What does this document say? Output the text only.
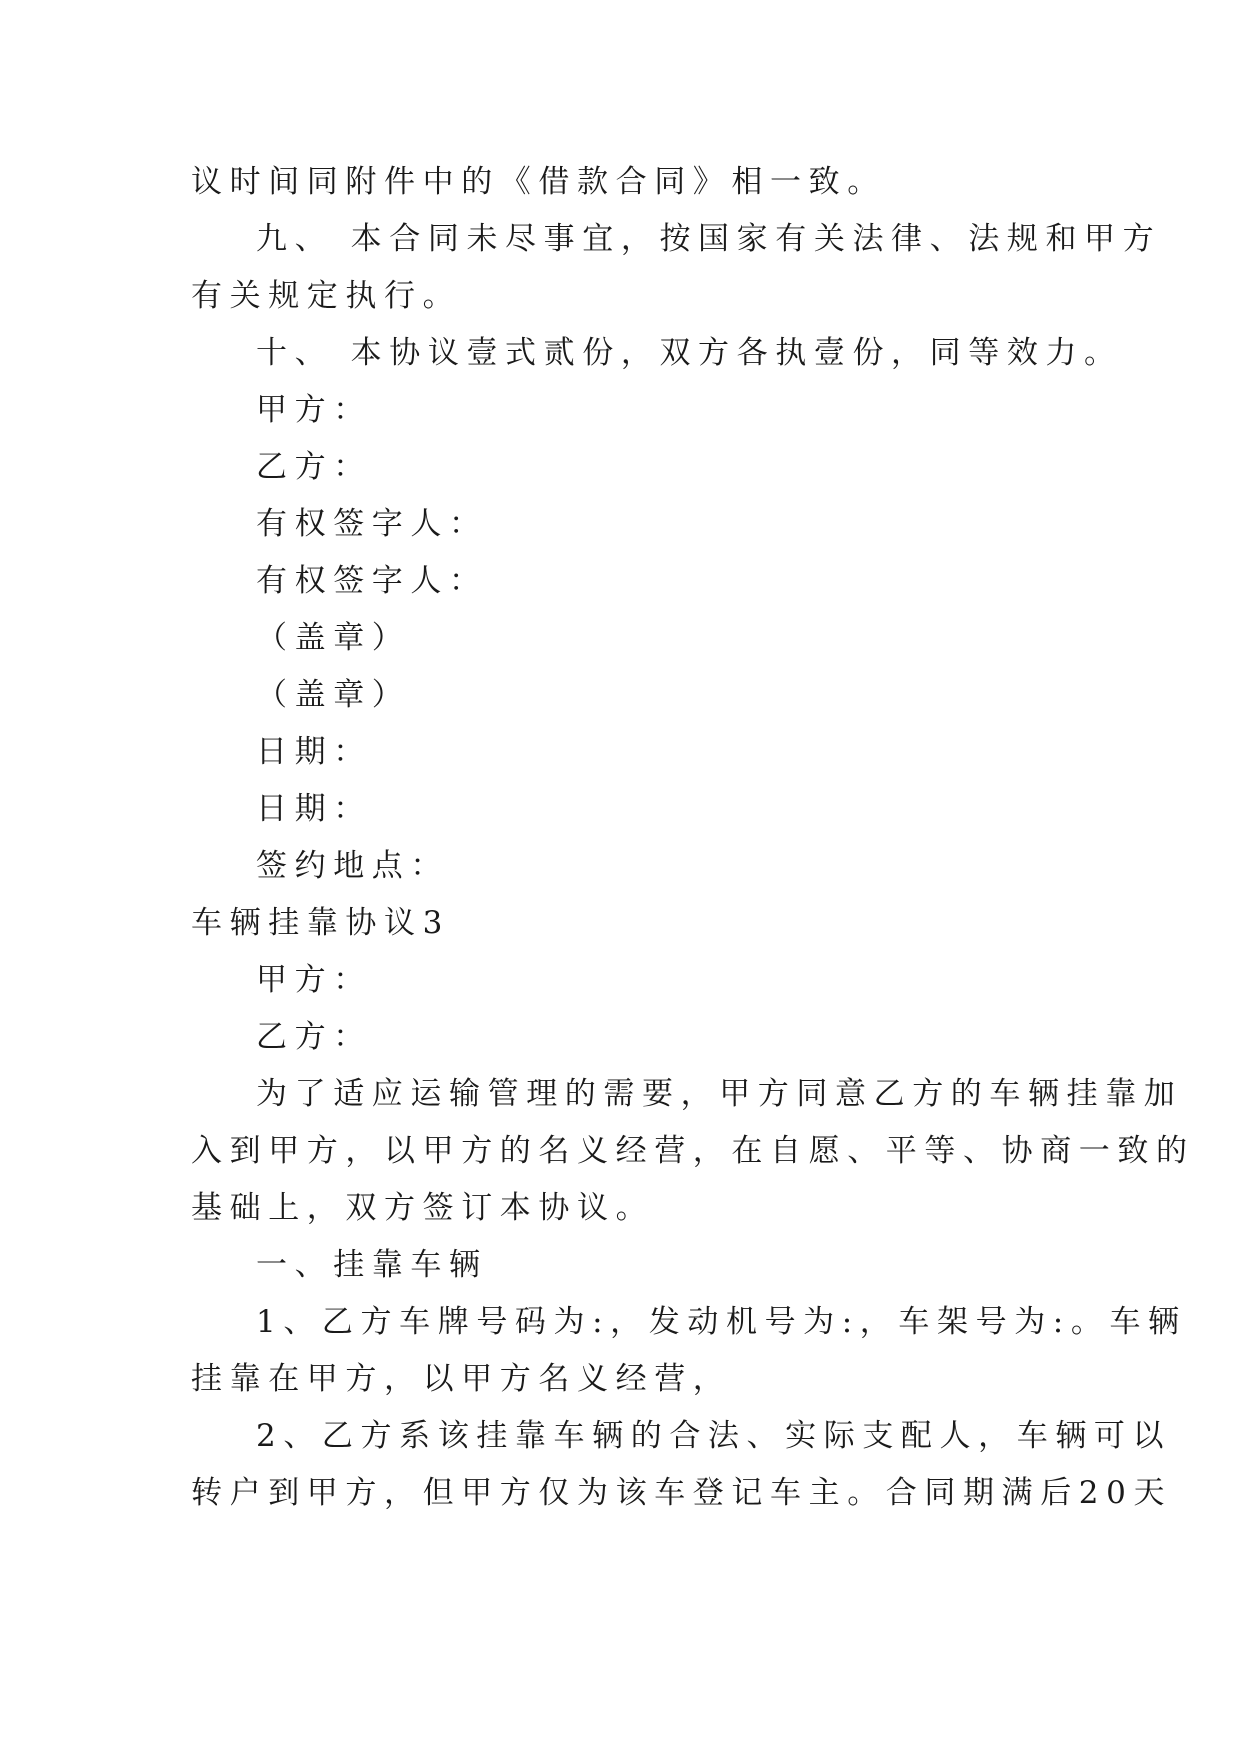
议时间同附件中的《借款合同》相一致。
九、 本合同未尽事宜，按国家有关法律、法规和甲方
有关规定执行。
十、 本协议壹式贰份，双方各执壹份，同等效力。
甲方：
乙方：
有权签字人：
有权签字人：
（盖章）
（盖章）
日期：
日期：
签约地点：
车辆挂靠协议3
甲方：
乙方：
为了适应运输管理的需要，甲方同意乙方的车辆挂靠加
入到甲方，以甲方的名义经营，在自愿、平等、协商一致的
基础上，双方签订本协议。
一、挂靠车辆
1、乙方车牌号码为:，发动机号为:，车架号为:。车辆
挂靠在甲方，以甲方名义经营，
2、乙方系该挂靠车辆的合法、实际支配人，车辆可以
转户到甲方，但甲方仅为该车登记车主。合同期满后20天
